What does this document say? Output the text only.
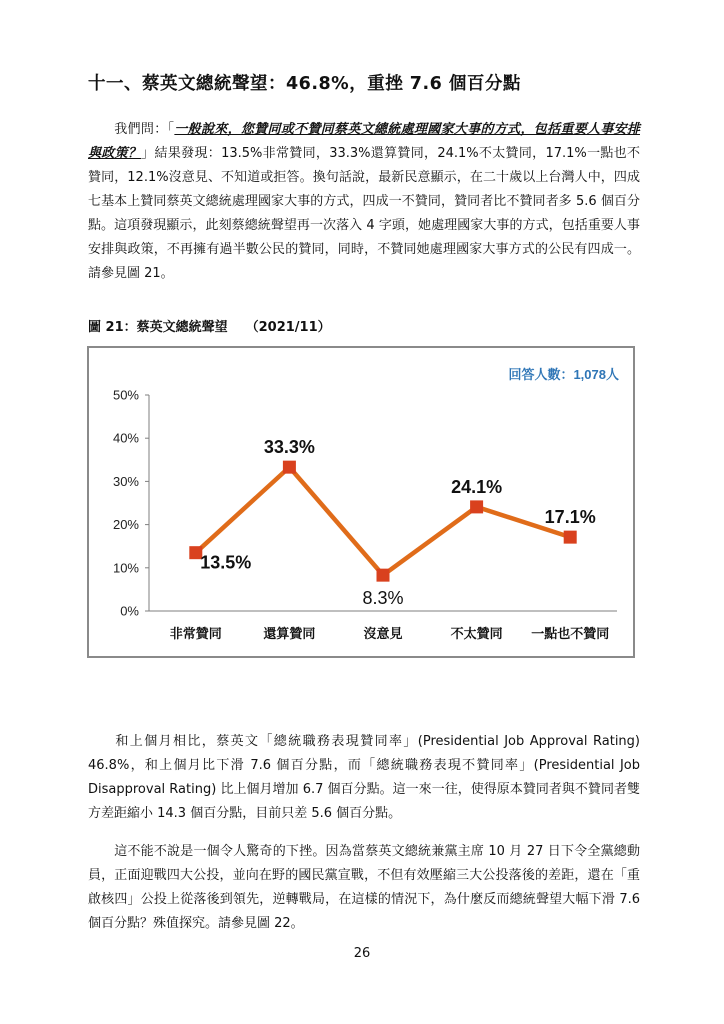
十一、蔡英文總統聲望：46.8%，重挫 7.6 個百分點
我們問：「一般說來，您贊同或不贊同蔡英文總統處理國家大事的方式，包括重要人事安排與政策？」結果發現：13.5%非常贊同，33.3%還算贊同，24.1%不太贊同，17.1%一點也不贊同，12.1%沒意見、不知道或拒答。換句話說，最新民意顯示，在二十歲以上台灣人中，四成七基本上贊同蔡英文總統處理國家大事的方式，四成一不贊同，贊同者比不贊同者多 5.6 個百分點。這項發現顯示，此刻蔡總統聲望再一次落入 4 字頭，她處理國家大事的方式，包括重要人事安排與政策，不再擁有過半數公民的贊同，同時，不贊同她處理國家大事方式的公民有四成一。請參見圖 21。
圖 21：蔡英文總統聲望 （2021/11）
0%
10%
20%
30%
40%
50%
非常贊同	還算贊同	沒意見	不太贊同 一點也不贊同
13.5%
33.3%
8.3%
24.1%
17.1%
回答人數：1,078人
和上個月相比，蔡英文「總統職務表現贊同率」(Presidential Job Approval Rating) 46.8%，和上個月比下滑 7.6 個百分點，而「總統職務表現不贊同率」(Presidential Job Disapproval Rating) 比上個月增加 6.7 個百分點。這一來一往，使得原本贊同者與不贊同者雙方差距縮小 14.3 個百分點，目前只差 5.6 個百分點。
這不能不說是一個令人驚奇的下挫。因為當蔡英文總統兼黨主席 10 月 27 日下令全黨總動員，正面迎戰四大公投，並向在野的國民黨宣戰，不但有效壓縮三大公投落後的差距，還在「重啟核四」公投上從落後到領先，逆轉戰局，在這樣的情況下，為什麼反而總統聲望大幅下滑 7.6 個百分點？殊值探究。請參見圖 22。
26
